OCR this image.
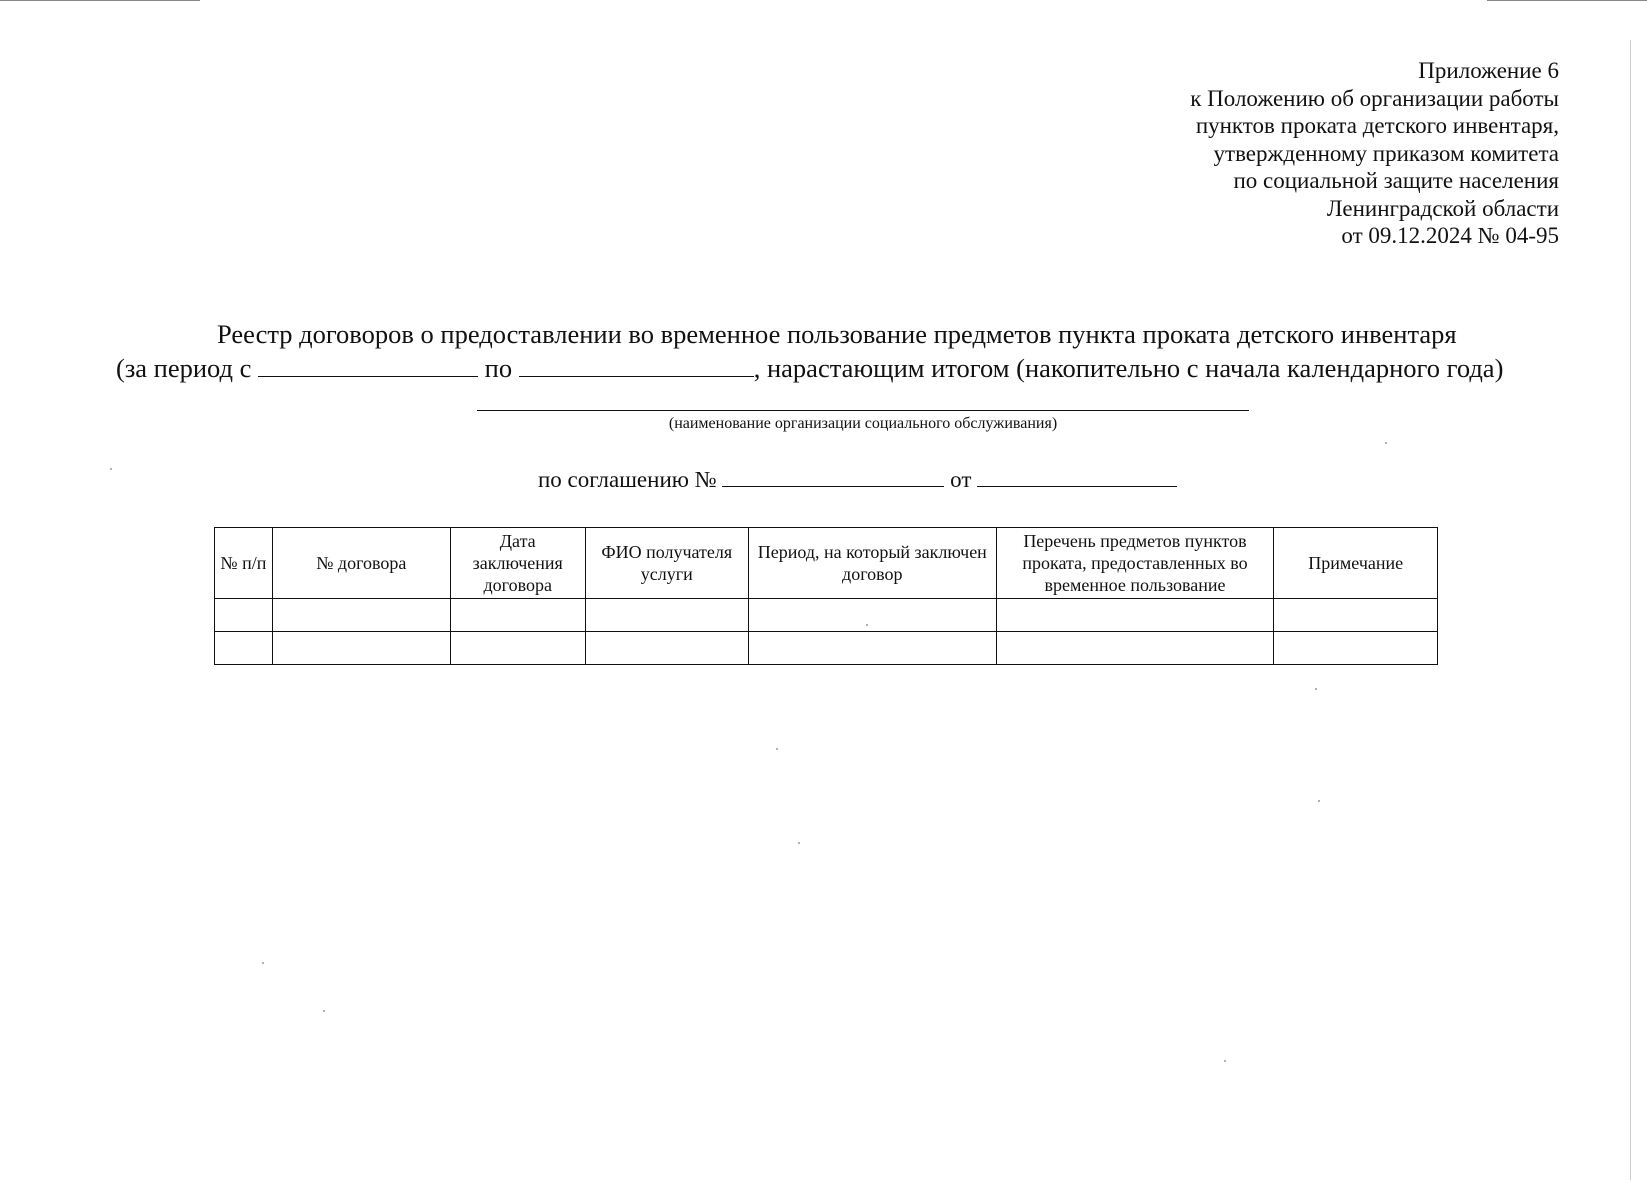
Приложение 6
к Положению об организации работы
пунктов проката детского инвентаря,
утвержденному приказом комитета
по социальной защите населения
Ленинградской области
от 09.12.2024 № 04-95
Реестр договоров о предоставлении во временное пользование предметов пункта проката детского инвентаря
(за период с	по	, нарастающим итогом (накопительно с начала календарного года)
(наименование организации социального обслуживания)
по соглашению №	от
№ п/п	№ договора	Дата заключения договора	ФИО получателя услуги	Период, на который заключен договор	Перечень предметов пунктов проката, предоставленных во временное пользование	Примечание
